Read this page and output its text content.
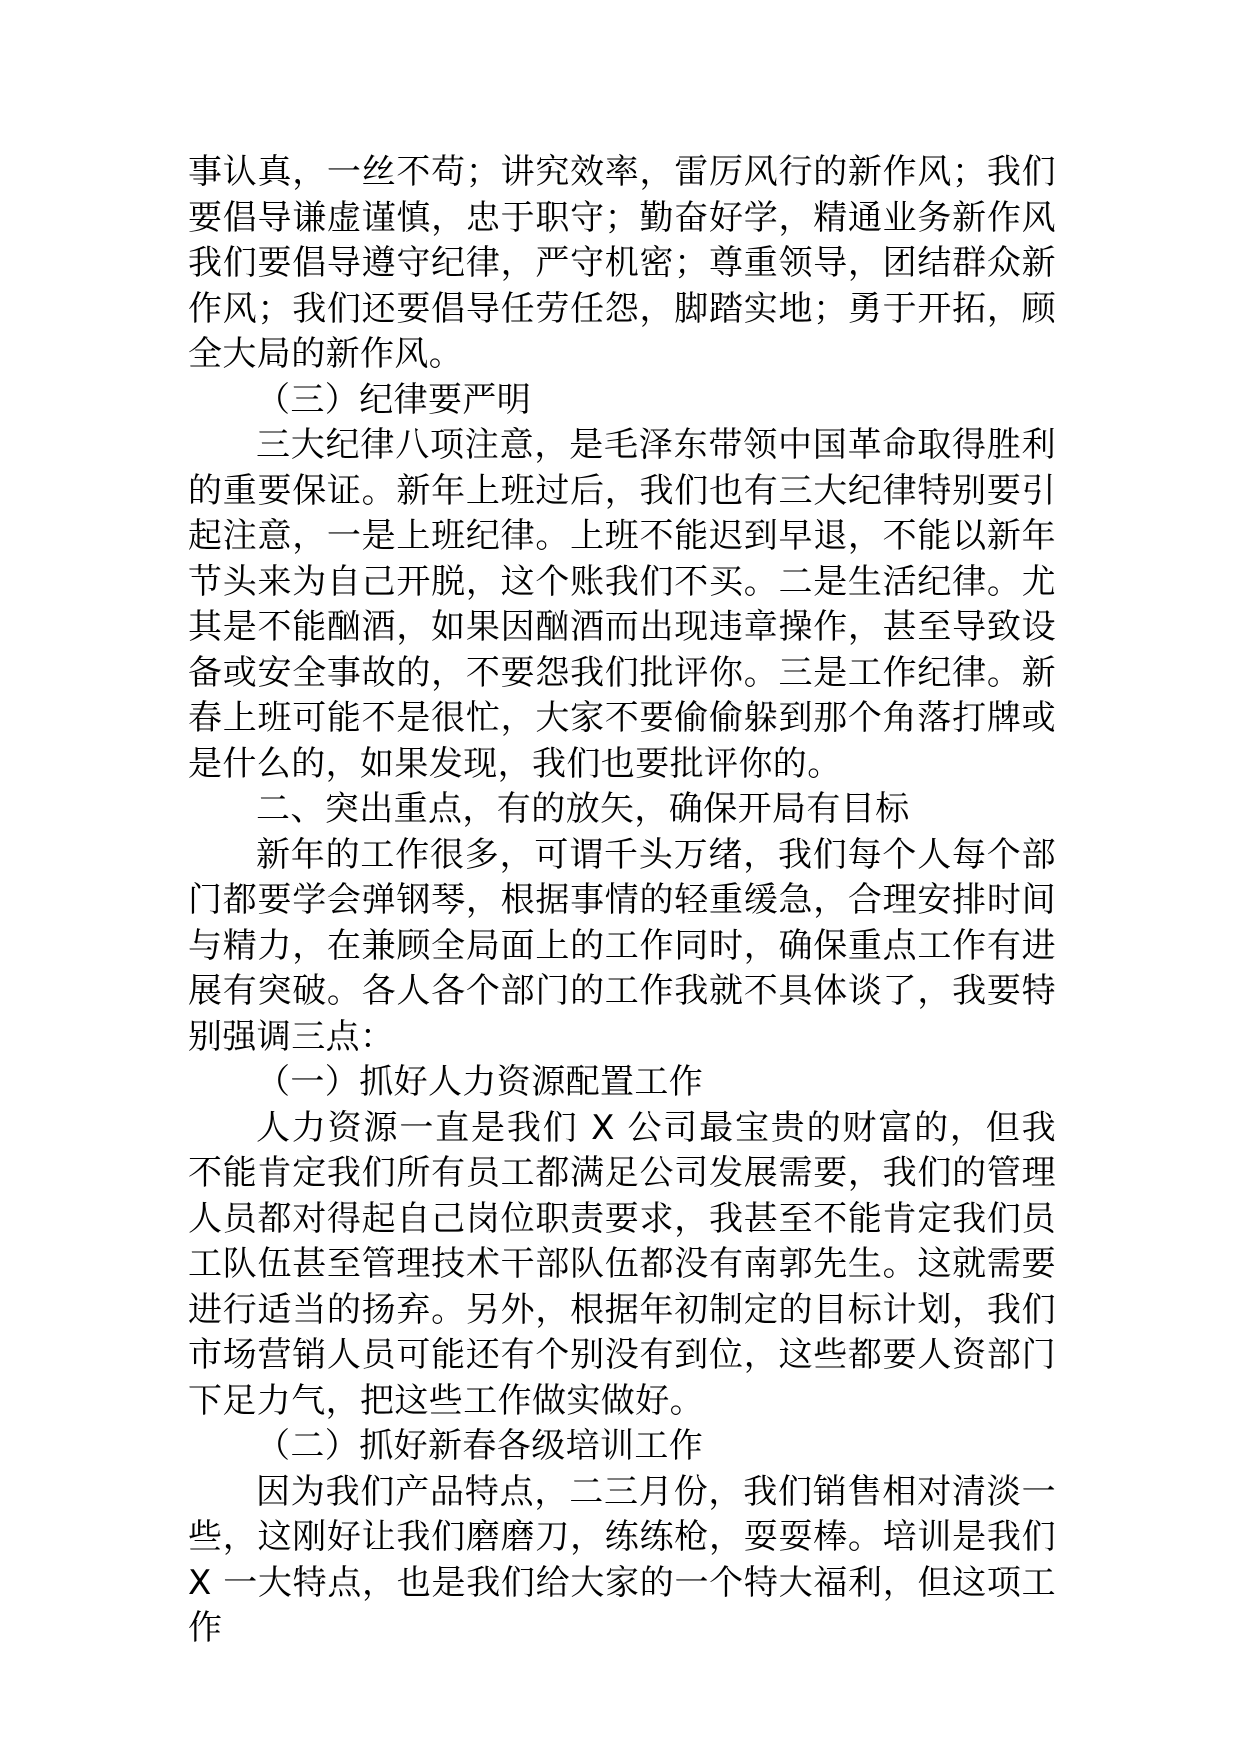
事认真，一丝不苟；讲究效率，雷厉风行的新作风；我们要倡导谦虚谨慎，忠于职守；勤奋好学，精通业务新作风我们要倡导遵守纪律，严守机密；尊重领导，团结群众新作风；我们还要倡导任劳任怨，脚踏实地；勇于开拓，顾全大局的新作风。

（三）纪律要严明

三大纪律八项注意，是毛泽东带领中国革命取得胜利的重要保证。新年上班过后，我们也有三大纪律特别要引起注意，一是上班纪律。上班不能迟到早退，不能以新年节头来为自己开脱，这个账我们不买。二是生活纪律。尤其是不能酗酒，如果因酗酒而出现违章操作，甚至导致设备或安全事故的，不要怨我们批评你。三是工作纪律。新春上班可能不是很忙，大家不要偷偷躲到那个角落打牌或是什么的，如果发现，我们也要批评你的。

二、突出重点，有的放矢，确保开局有目标

新年的工作很多，可谓千头万绪，我们每个人每个部门都要学会弹钢琴，根据事情的轻重缓急，合理安排时间与精力，在兼顾全局面上的工作同时，确保重点工作有进展有突破。各人各个部门的工作我就不具体谈了，我要特别强调三点：

（一）抓好人力资源配置工作

人力资源一直是我们 X 公司最宝贵的财富的，但我不能肯定我们所有员工都满足公司发展需要，我们的管理人员都对得起自己岗位职责要求，我甚至不能肯定我们员工队伍甚至管理技术干部队伍都没有南郭先生。这就需要进行适当的扬弃。另外，根据年初制定的目标计划，我们市场营销人员可能还有个别没有到位，这些都要人资部门下足力气，把这些工作做实做好。

（二）抓好新春各级培训工作

因为我们产品特点，二三月份，我们销售相对清淡一些，这刚好让我们磨磨刀，练练枪，耍耍棒。培训是我们 X 一大特点，也是我们给大家的一个特大福利，但这项工作
